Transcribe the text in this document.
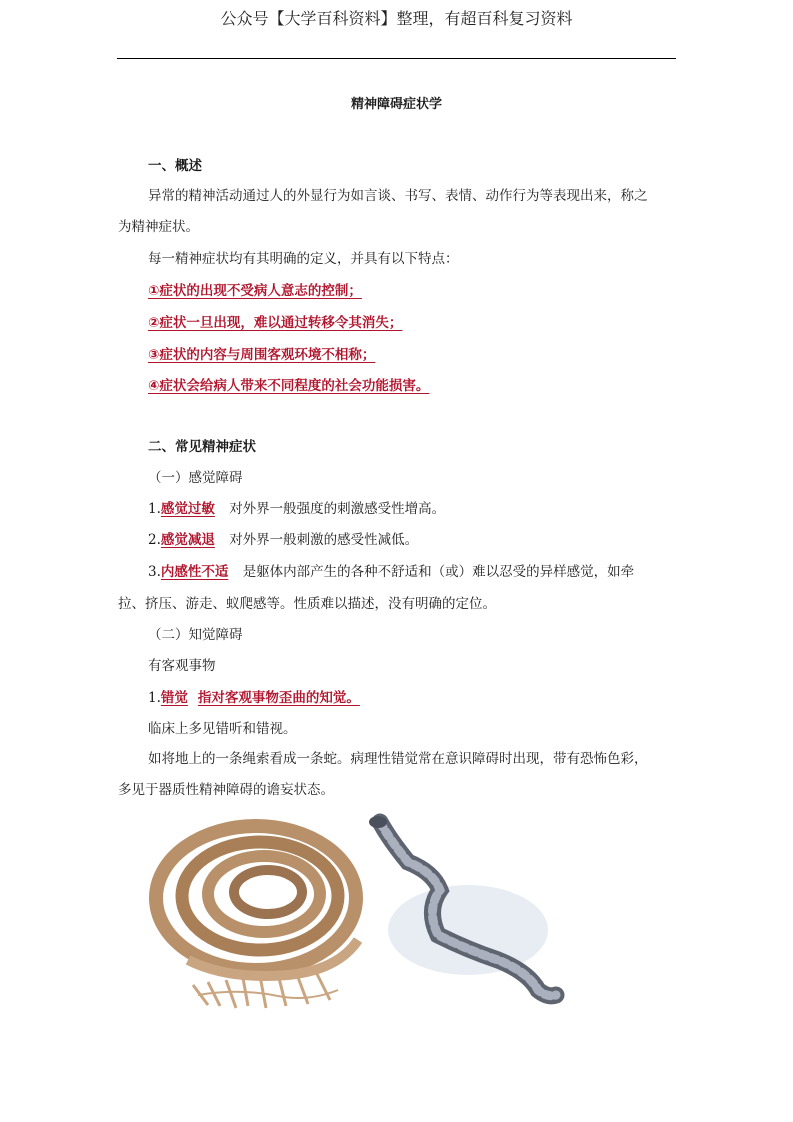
公众号【大学百科资料】整理，有超百科复习资料
精神障碍症状学
一、概述
异常的精神活动通过人的外显行为如言谈、书写、表情、动作行为等表现出来，称之
为精神症状。
每一精神症状均有其明确的定义，并具有以下特点：
①症状的出现不受病人意志的控制；
②症状一旦出现，难以通过转移令其消失；
③症状的内容与周围客观环境不相称；
④症状会给病人带来不同程度的社会功能损害。
二、常见精神症状
（一）感觉障碍
1.感觉过敏 对外界一般强度的刺激感受性增高。
2.感觉减退 对外界一般刺激的感受性减低。
3.内感性不适 是躯体内部产生的各种不舒适和（或）难以忍受的异样感觉，如牵
拉、挤压、游走、蚁爬感等。性质难以描述，没有明确的定位。
（二）知觉障碍
有客观事物
1.错觉 指对客观事物歪曲的知觉。
临床上多见错听和错视。
如将地上的一条绳索看成一条蛇。病理性错觉常在意识障碍时出现，带有恐怖色彩，
多见于器质性精神障碍的谵妄状态。
